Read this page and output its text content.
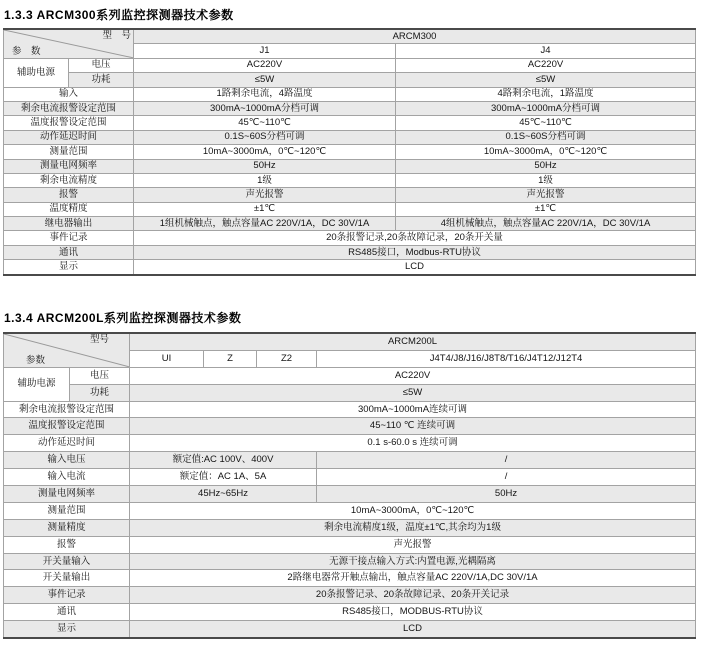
1.3.3 ARCM300系列监控探测器技术参数
型　号
参　数		ARCM300	
		J1	J4
辅助电源	电压	AC220V	AC220V
	功耗	≤5W	≤5W
输入		1路剩余电流，4路温度	4路剩余电流，1路温度
剩余电流报警设定范围		300mA~1000mA分档可调	300mA~1000mA分档可调
温度报警设定范围		45℃~110℃	45℃~110℃
动作延迟时间		0.1S~60S分档可调	0.1S~60S分档可调
测量范围		10mA~3000mA，0℃~120℃	10mA~3000mA，0℃~120℃
测量电网频率		50Hz	50Hz
剩余电流精度		1级	1级
报警		声光报警	声光报警
温度精度		±1℃	±1℃
继电器输出		1组机械触点，触点容量AC 220V/1A，DC 30V/1A	4组机械触点，触点容量AC 220V/1A，DC 30V/1A
事件记录		20条报警记录,20条故障记录，20条开关量	
通讯		RS485接口，Modbus-RTU协议	
显示		LCD	
1.3.4 ARCM200L系列监控探测器技术参数
型号
参数		ARCM200L			
		UI	Z	Z2	J4T4/J8/J16/J8T8/T16/J4T12/J12T4
辅助电源	电压	AC220V			
	功耗	≤5W			
剩余电流报警设定范围		300mA~1000mA连续可调			
温度报警设定范围		45~110 ℃ 连续可调			
动作延迟时间		0.1 s-60.0 s 连续可调			
输入电压		额定值:AC 100V、400V			/
输入电流		额定值：AC 1A、5A			/
测量电网频率		45Hz~65Hz			50Hz
测量范围		10mA~3000mA，0℃~120℃			
测量精度		剩余电流精度1级，温度±1℃,其余均为1级			
报警		声光报警			
开关量输入		无源干接点输入方式:内置电源,光耦隔离			
开关量输出		2路继电器常开触点输出，触点容量AC 220V/1A,DC 30V/1A			
事件记录		20条报警记录、20条故障记录、20条开关记录			
通讯		RS485接口，MODBUS-RTU协议			
显示		LCD			
